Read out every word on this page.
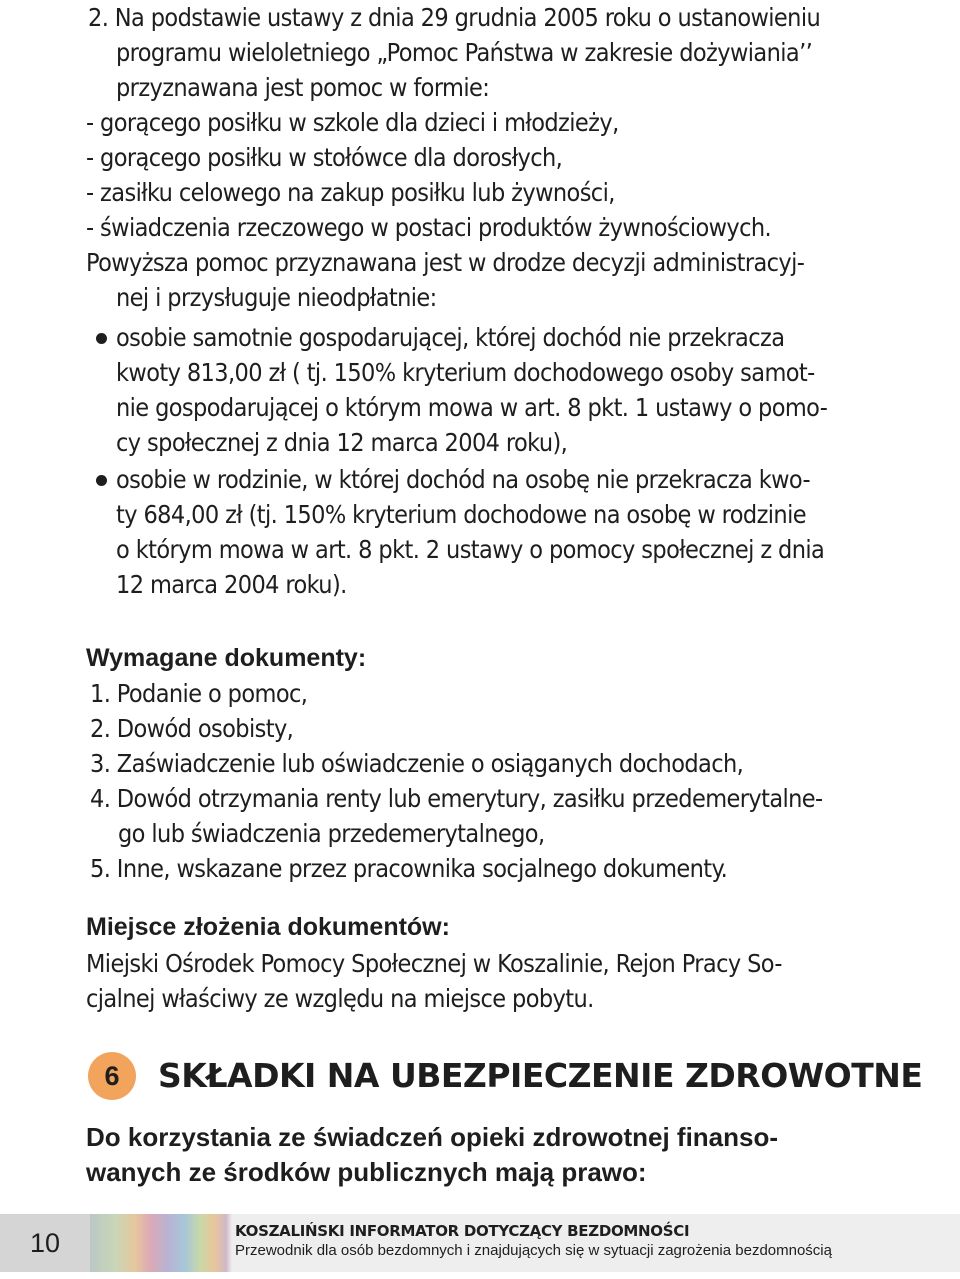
2. Na podstawie ustawy z dnia 29 grudnia 2005 roku o ustanowieniu
programu wieloletniego „Pomoc Państwa w zakresie dożywiania’’
przyznawana jest pomoc w formie:
- gorącego posiłku w szkole dla dzieci i młodzieży,
- gorącego posiłku w stołówce dla dorosłych,
- zasiłku celowego na zakup posiłku lub żywności,
- świadczenia rzeczowego w postaci produktów żywnościowych.
Powyższa pomoc przyznawana jest w drodze decyzji administracyj-
nej i przysługuje nieodpłatnie:
osobie samotnie gospodarującej, której dochód nie przekracza
kwoty 813,00 zł ( tj. 150% kryterium dochodowego osoby samot-
nie gospodarującej o którym mowa w art. 8 pkt. 1 ustawy o pomo-
cy społecznej z dnia 12 marca 2004 roku),
osobie w rodzinie, w której dochód na osobę nie przekracza kwo-
ty 684,00 zł (tj. 150% kryterium dochodowe na osobę w rodzinie
o którym mowa w art. 8 pkt. 2 ustawy o pomocy społecznej z dnia
12 marca 2004 roku).
Wymagane dokumenty:
1. Podanie o pomoc,
2. Dowód osobisty,
3. Zaświadczenie lub oświadczenie o osiąganych dochodach,
4. Dowód otrzymania renty lub emerytury, zasiłku przedemerytalne-
go lub świadczenia przedemerytalnego,
5. Inne, wskazane przez pracownika socjalnego dokumenty.
Miejsce złożenia dokumentów:
Miejski Ośrodek Pomocy Społecznej w Koszalinie, Rejon Pracy So-
cjalnej właściwy ze względu na miejsce pobytu.
6	SKŁADKI NA UBEZPIECZENIE ZDROWOTNE
Do korzystania ze świadczeń opieki zdrowotnej finanso-
wanych ze środków publicznych mają prawo:
10	KOSZALIŃSKI INFORMATOR DOTYCZĄCY BEZDOMNOŚCI
Przewodnik dla osób bezdomnych i znajdujących się w sytuacji zagrożenia bezdomnością
